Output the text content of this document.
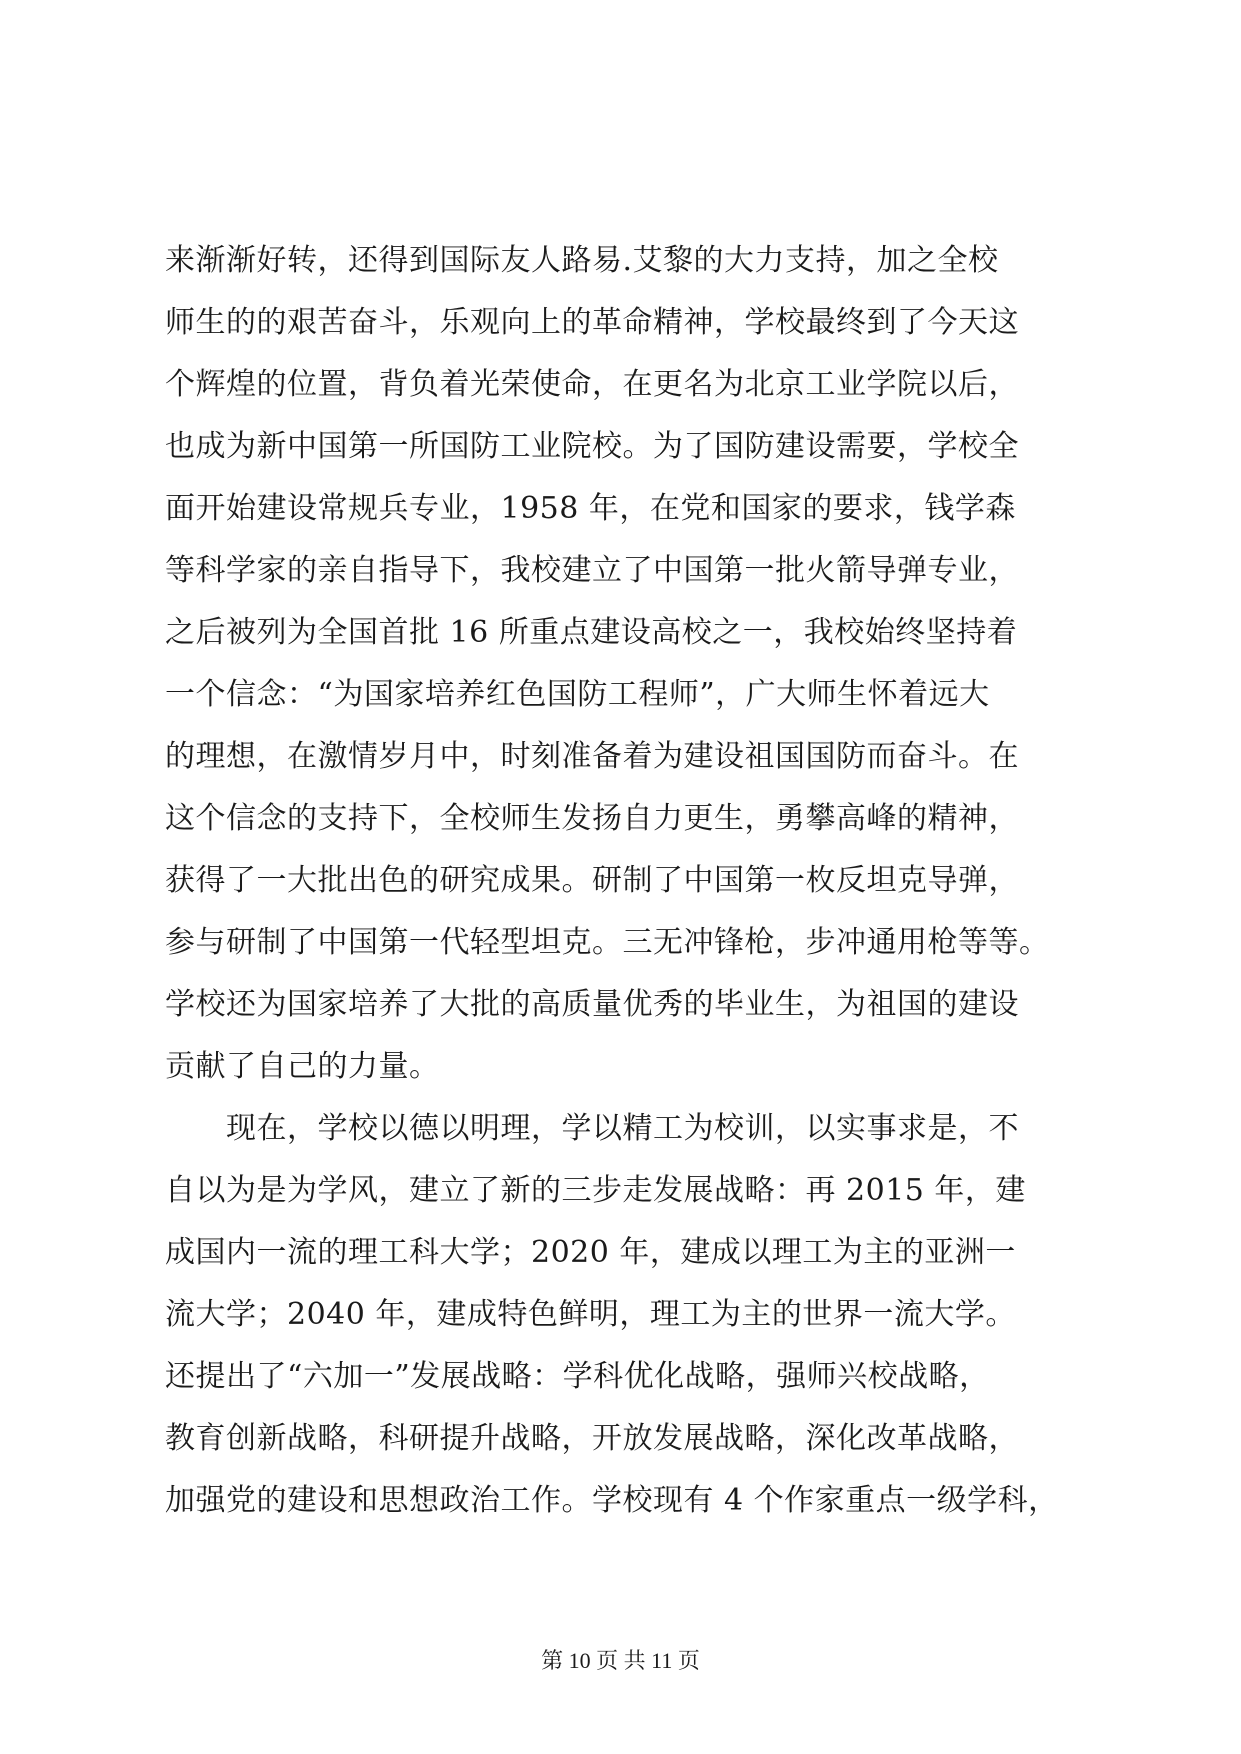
来渐渐好转，还得到国际友人路易.艾黎的大力支持，加之全校
师生的的艰苦奋斗，乐观向上的革命精神，学校最终到了今天这
个辉煌的位置，背负着光荣使命，在更名为北京工业学院以后，
也成为新中国第一所国防工业院校。为了国防建设需要，学校全
面开始建设常规兵专业，1958 年，在党和国家的要求，钱学森
等科学家的亲自指导下，我校建立了中国第一批火箭导弹专业，
之后被列为全国首批 16 所重点建设高校之一，我校始终坚持着
一个信念：“为国家培养红色国防工程师”，广大师生怀着远大
的理想，在激情岁月中，时刻准备着为建设祖国国防而奋斗。在
这个信念的支持下，全校师生发扬自力更生，勇攀高峰的精神，
获得了一大批出色的研究成果。研制了中国第一枚反坦克导弹，
参与研制了中国第一代轻型坦克。三无冲锋枪，步冲通用枪等等。
学校还为国家培养了大批的高质量优秀的毕业生，为祖国的建设
贡献了自己的力量。
　　现在，学校以德以明理，学以精工为校训，以实事求是，不
自以为是为学风，建立了新的三步走发展战略：再 2015 年，建
成国内一流的理工科大学；2020 年，建成以理工为主的亚洲一
流大学；2040 年，建成特色鲜明，理工为主的世界一流大学。
还提出了“六加一”发展战略：学科优化战略，强师兴校战略，
教育创新战略，科研提升战略，开放发展战略，深化改革战略，
加强党的建设和思想政治工作。学校现有 4 个作家重点一级学科，
第 10 页 共 11 页
